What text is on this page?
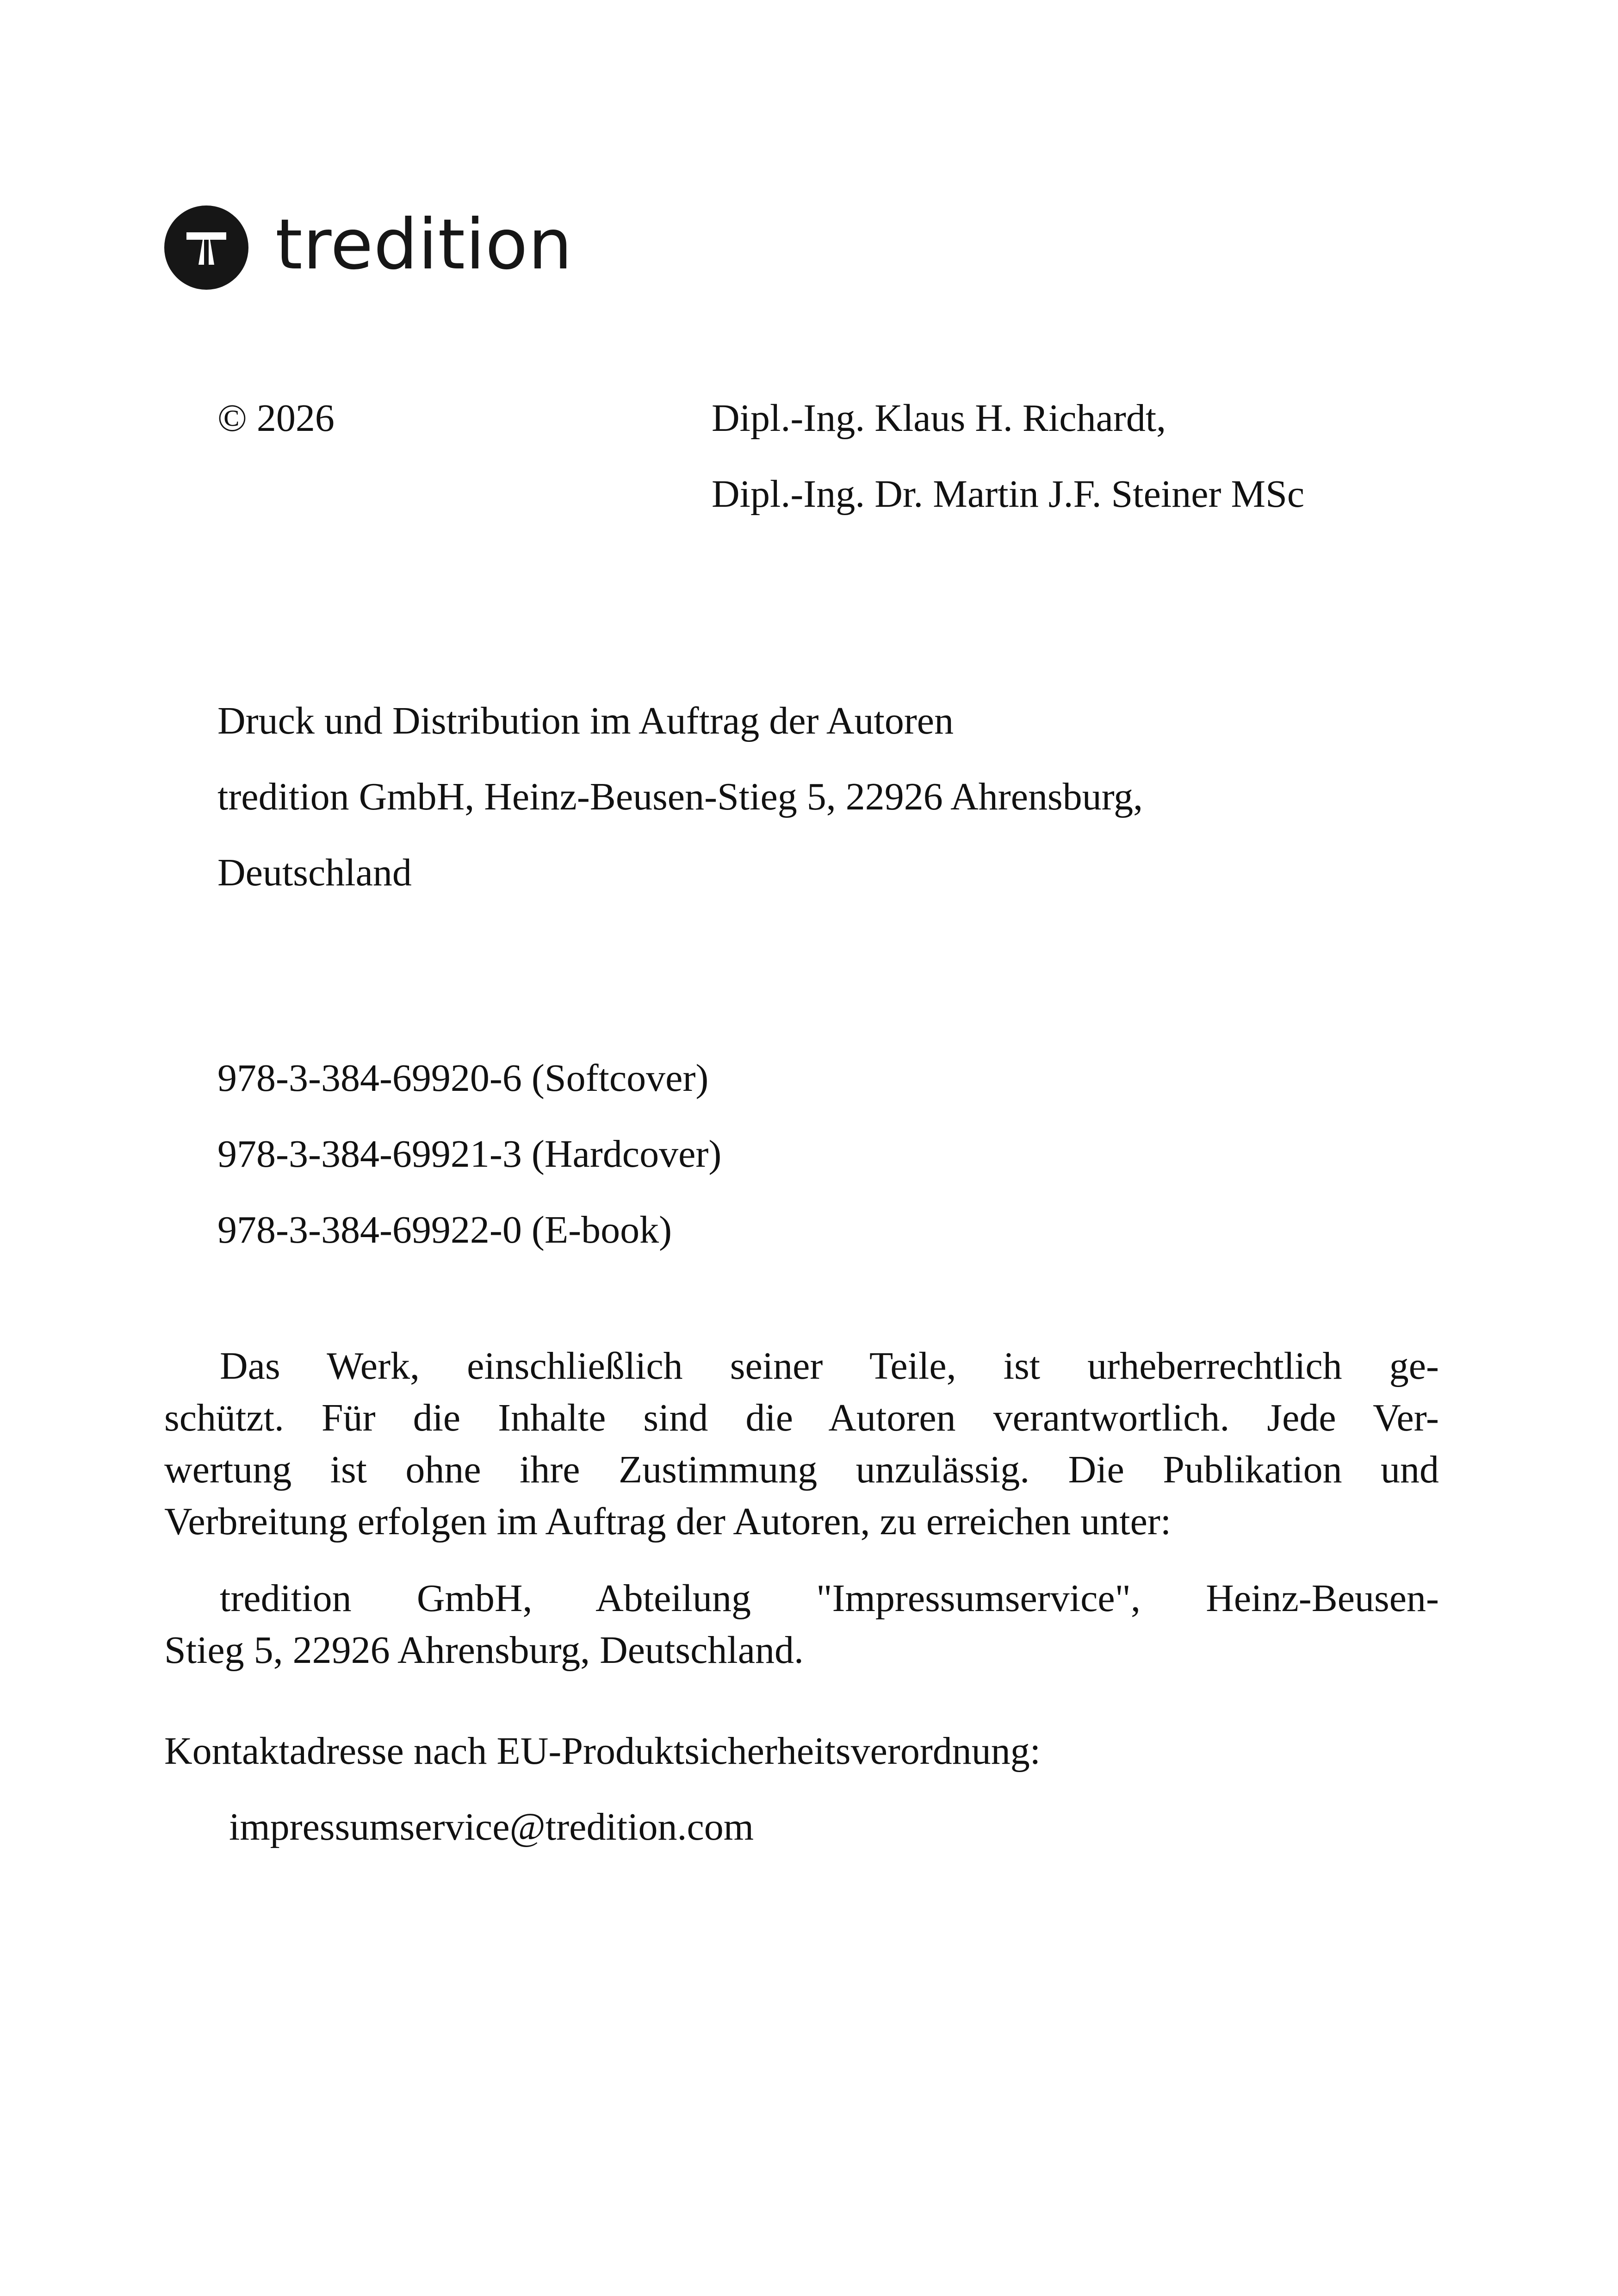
tredition
© 2026	Dipl.-Ing. Klaus H. Richardt,
Dipl.-Ing. Dr. Martin J.F. Steiner MSc
Druck und Distribution im Auftrag der Autoren
tredition GmbH, Heinz-Beusen-Stieg 5, 22926 Ahrensburg,
Deutschland
978-3-384-69920-6 (Softcover)
978-3-384-69921-3 (Hardcover)
978-3-384-69922-0 (E-book)
Das Werk, einschließlich seiner Teile, ist urheberrechtlich ge-
schützt. Für die Inhalte sind die Autoren verantwortlich. Jede Ver-
wertung ist ohne ihre Zustimmung unzulässig. Die Publikation und
Verbreitung erfolgen im Auftrag der Autoren, zu erreichen unter:
tredition GmbH, Abteilung "Impressumservice", Heinz-Beusen-
Stieg 5, 22926 Ahrensburg, Deutschland.
Kontaktadresse nach EU-Produktsicherheitsverordnung:
impressumservice@tredition.com
